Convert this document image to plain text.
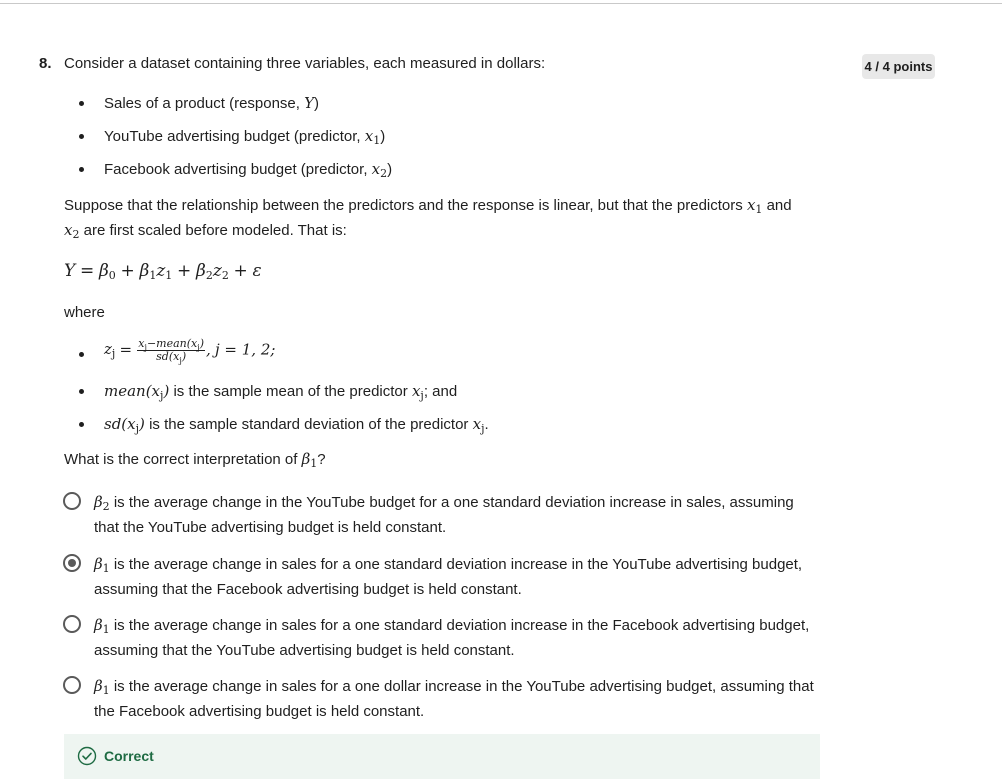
8.	4 / 4 points
Consider a dataset containing three variables, each measured in dollars:
Sales of a product (response, Y)
YouTube advertising budget (predictor, $x_1$)
Facebook advertising budget (predictor, $x_2$)
Suppose that the relationship between the predictors and the response is linear, but that the predictors $x_1$ and
$x_2$ are first scaled before modeled. That is:
$Y = \beta_0 + \beta_1z_1 + \beta_2z_2 + \varepsilon$
where
$z_j = \frac{x_j-mean(x_j)}{sd(x_j)}$ , j = 1, 2;
$mean(x_j)$ is the sample mean of the predictor $x_j$; and
$sd(x_j)$ is the sample standard deviation of the predictor $x_j$.
What is the correct interpretation of $\beta_1$?
$\beta_2$ is the average change in the YouTube budget for a one standard deviation increase in sales, assuming that the YouTube advertising budget is held constant.
$\beta_1$ is the average change in sales for a one standard deviation increase in the YouTube advertising budget, assuming that the Facebook advertising budget is held constant.
$\beta_1$ is the average change in sales for a one standard deviation increase in the Facebook advertising budget, assuming that the YouTube advertising budget is held constant.
$\beta_1$ is the average change in sales for a one dollar increase in the YouTube advertising budget, assuming that the Facebook advertising budget is held constant.
Correct
